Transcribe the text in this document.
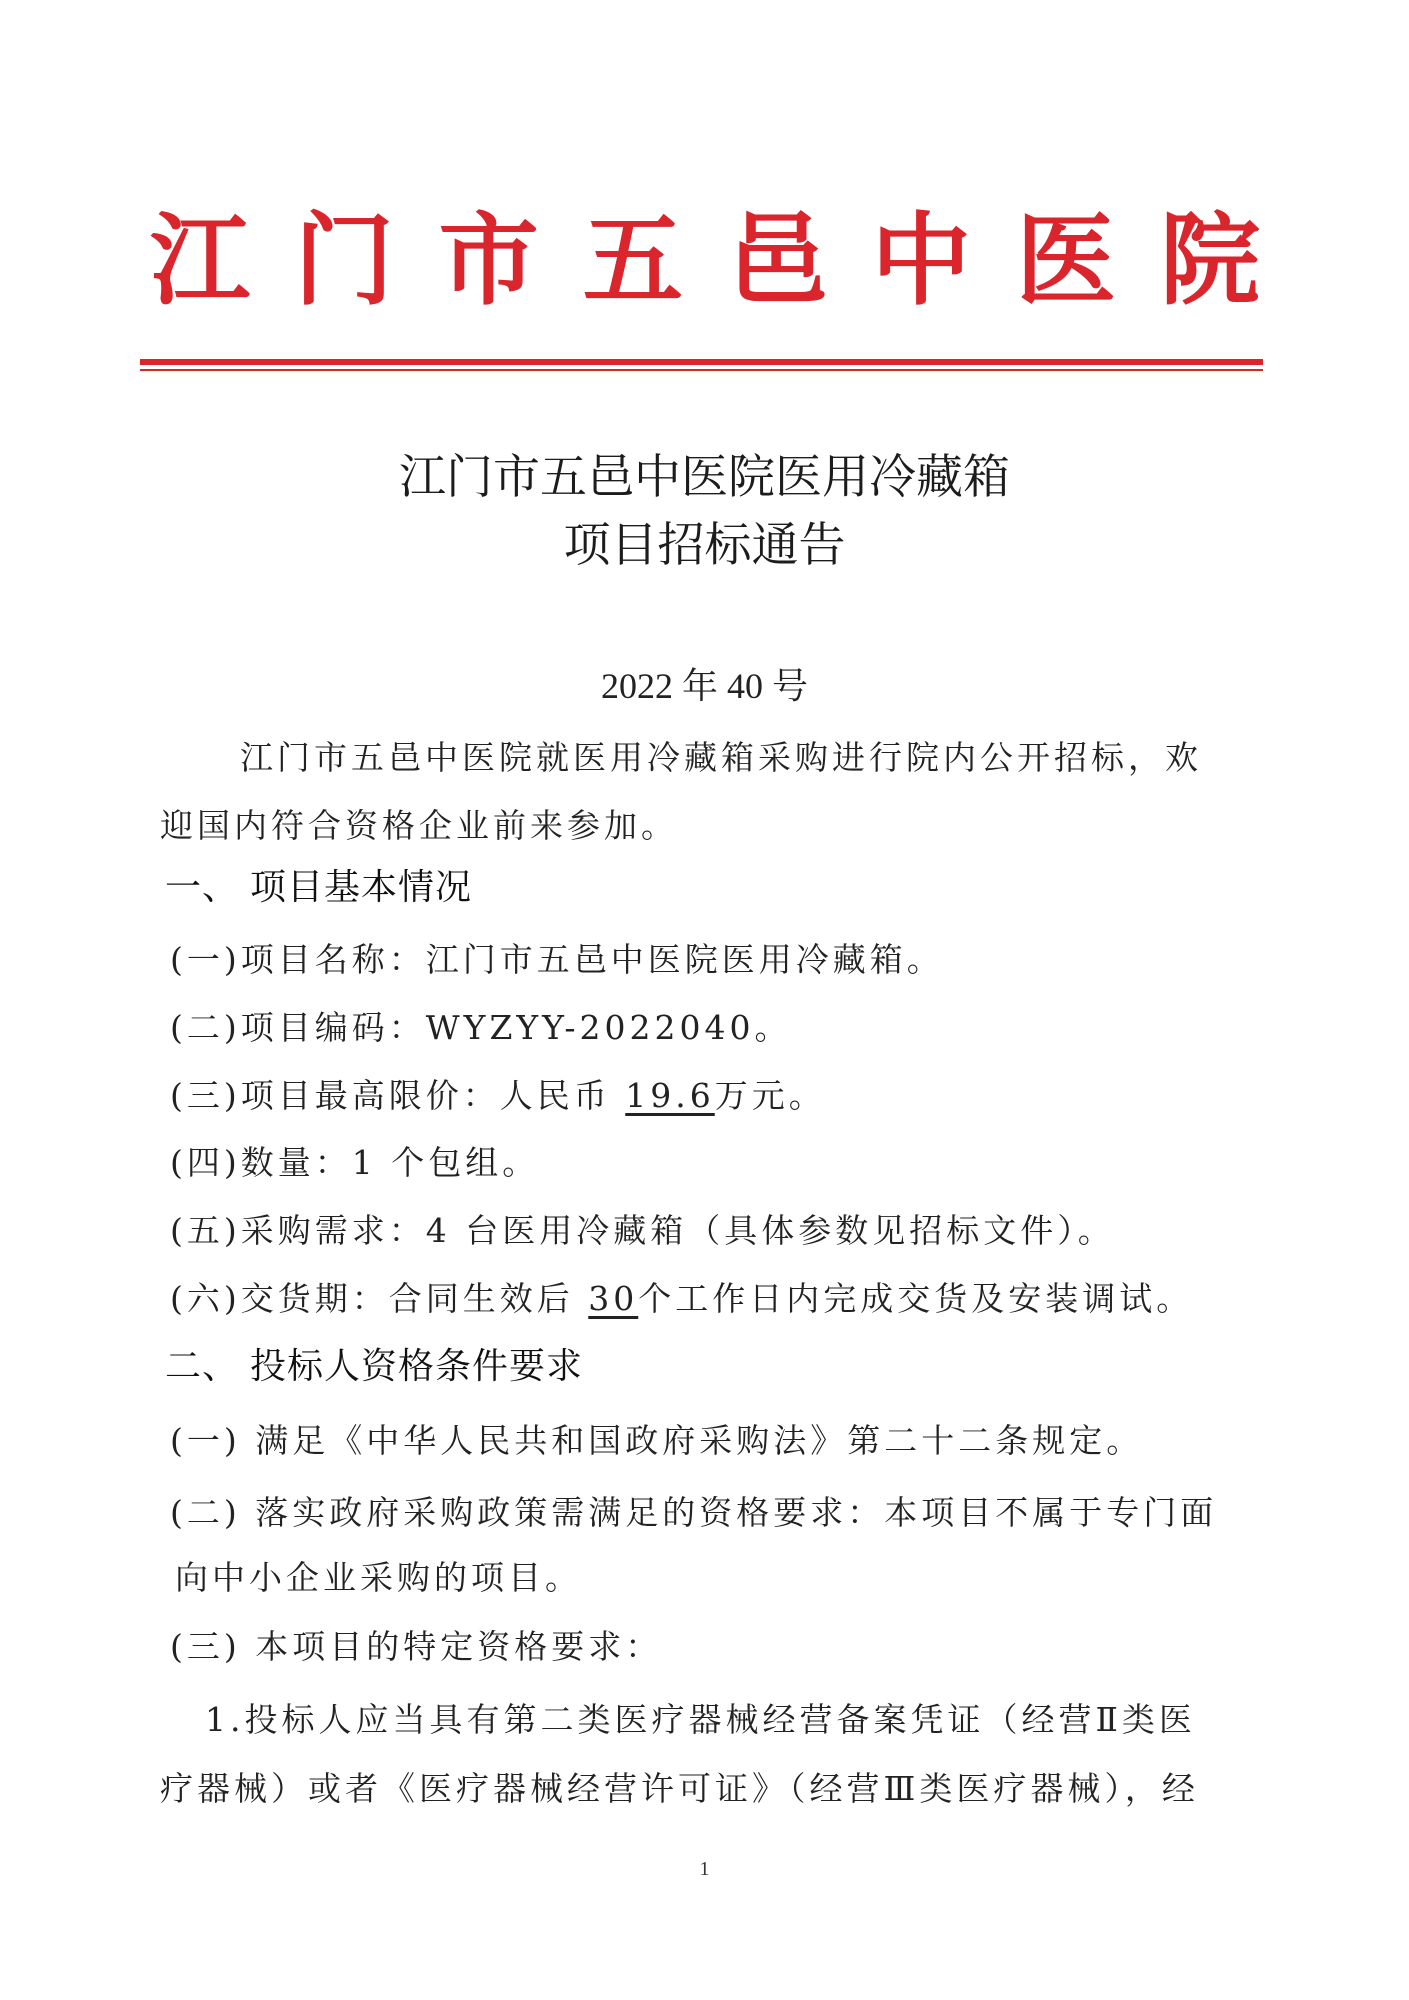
江 门 市 五 邑 中 医 院
江门市五邑中医院医用冷藏箱
项目招标通告
2022 年 40 号
江门市五邑中医院就医用冷藏箱采购进行院内公开招标，欢
迎国内符合资格企业前来参加。
一、 项目基本情况
(一)项目名称：江门市五邑中医院医用冷藏箱。
(二)项目编码：WYZYY-2022040。
(三)项目最高限价：人民币 19.6万元。
(四)数量：1 个包组。
(五)采购需求：4 台医用冷藏箱（具体参数见招标文件）。
(六)交货期：合同生效后 30个工作日内完成交货及安装调试。
二、 投标人资格条件要求
(一) 满足《中华人民共和国政府采购法》第二十二条规定。
(二) 落实政府采购政策需满足的资格要求：本项目不属于专门面
向中小企业采购的项目。
(三) 本项目的特定资格要求：
1.投标人应当具有第二类医疗器械经营备案凭证（经营Ⅱ类医
疗器械）或者《医疗器械经营许可证》（经营Ⅲ类医疗器械），经
1
